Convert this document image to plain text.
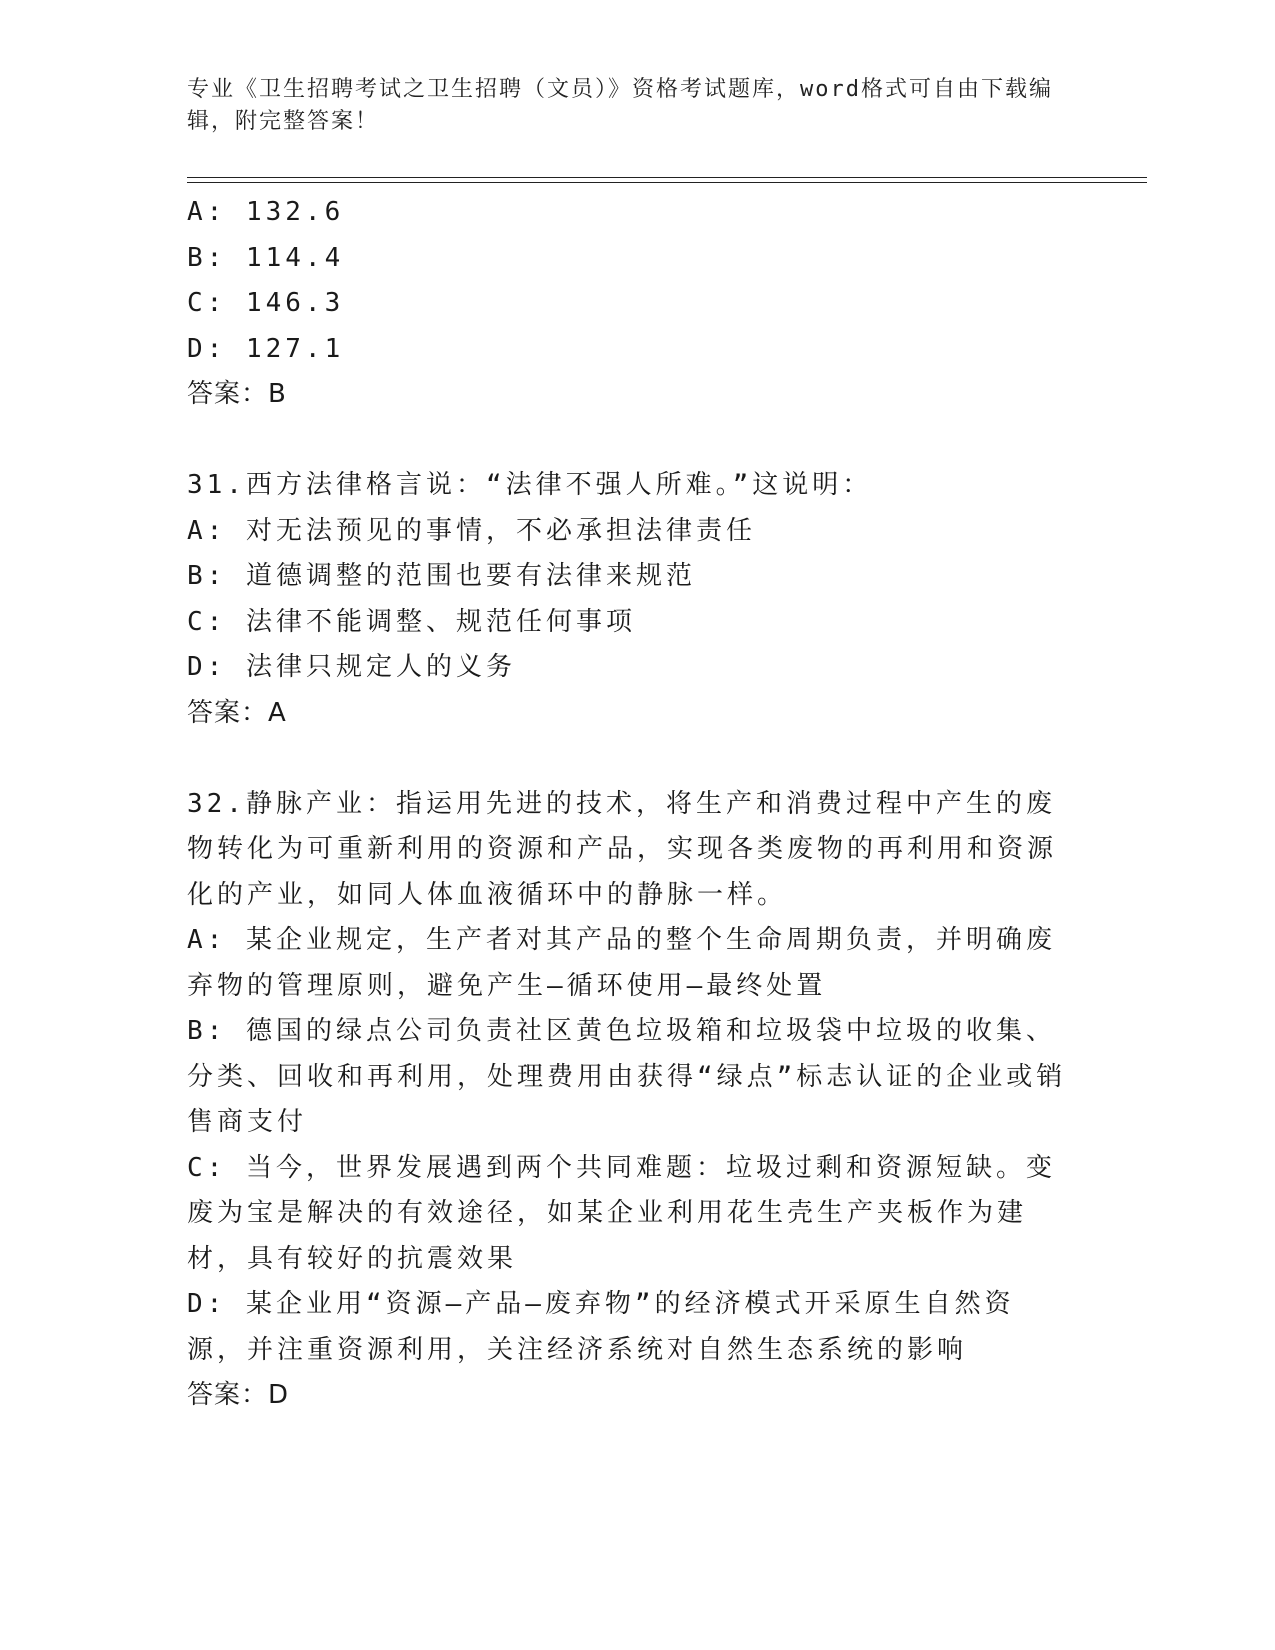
专业《卫生招聘考试之卫生招聘（文员）》资格考试题库，word格式可自由下载编辑，附完整答案！
A: 132.6
B: 114.4
C: 146.3
D: 127.1
答案：B
31.西方法律格言说：“法律不强人所难。”这说明：
A: 对无法预见的事情，不必承担法律责任
B: 道德调整的范围也要有法律来规范
C: 法律不能调整、规范任何事项
D: 法律只规定人的义务
答案：A
32.静脉产业：指运用先进的技术，将生产和消费过程中产生的废物转化为可重新利用的资源和产品，实现各类废物的再利用和资源化的产业，如同人体血液循环中的静脉一样。
A: 某企业规定，生产者对其产品的整个生命周期负责，并明确废弃物的管理原则，避免产生—循环使用—最终处置
B: 德国的绿点公司负责社区黄色垃圾箱和垃圾袋中垃圾的收集、分类、回收和再利用，处理费用由获得“绿点”标志认证的企业或销售商支付
C: 当今，世界发展遇到两个共同难题：垃圾过剩和资源短缺。变废为宝是解决的有效途径，如某企业利用花生壳生产夹板作为建材，具有较好的抗震效果
D: 某企业用“资源—产品—废弃物”的经济模式开采原生自然资源，并注重资源利用，关注经济系统对自然生态系统的影响
答案：D
